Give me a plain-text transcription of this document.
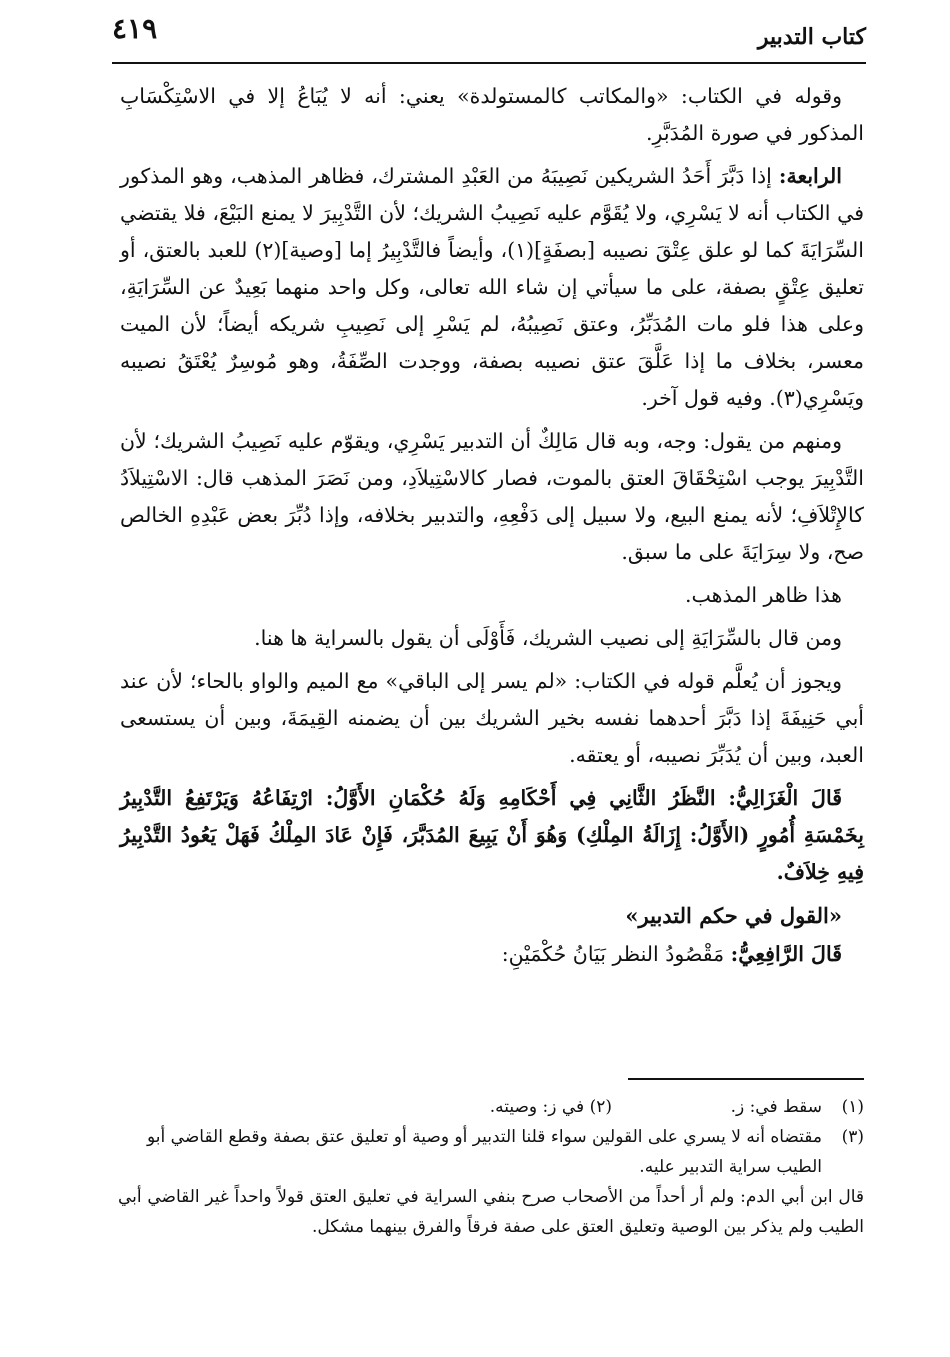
كتاب التدبير
٤١٩

وقوله في الكتاب: «والمكاتب كالمستولدة» يعني: أنه لا يُبَاعُ إلا في الاسْتِكْسَابِ المذكور في صورة المُدَبَّرِ.

الرابعة: إذا دَبَّرَ أَحَدُ الشريكين نَصِيبَهُ من العَبْدِ المشترك، فظاهر المذهب، وهو المذكور في الكتاب أنه لا يَسْرِي، ولا يُقَوَّم عليه نَصِيبُ الشريك؛ لأن التَّدْبِيرَ لا يمنع البَيْعَ، فلا يقتضي السِّرَايَةَ كما لو علق عِتْقَ نصيبه [بصفَةٍ](١)، وأيضاً فالتَّدْبِيرُ إما [وصية](٢) للعبد بالعتق، أو تعليق عِتْقٍ بصفة، على ما سيأتي إن شاء الله تعالى، وكل واحد منهما بَعِيدٌ عن السِّرَايَةِ، وعلى هذا فلو مات المُدَبِّرُ، وعتق نَصِيبُهُ، لم يَسْرِ إلى نَصِيبِ شريكه أيضاً؛ لأن الميت معسر، بخلاف ما إذا عَلَّقَ عتق نصيبه بصفة، ووجدت الصِّفَةُ، وهو مُوسِرٌ يُعْتَقُ نصيبه ويَسْرِي(٣). وفيه قول آخر.

ومنهم من يقول: وجه، وبه قال مَالِكٌ أن التدبير يَسْرِي، ويقوّم عليه نَصِيبُ الشريك؛ لأن التَّدْبِيرَ يوجب اسْتِحْقَاقَ العتق بالموت، فصار كالاسْتِيلاَدِ، ومن نَصَرَ المذهب قال: الاسْتِيلاَدُ كالإِتْلاَفِ؛ لأنه يمنع البيع، ولا سبيل إلى دَفْعِهِ، والتدبير بخلافه، وإذا دُبِّرَ بعض عَبْدِهِ الخالص صح، ولا سِرَايَةَ على ما سبق.

هذا ظاهر المذهب.

ومن قال بالسِّرَايَةِ إلى نصيب الشريك، فَأَوْلَى أن يقول بالسراية ها هنا.

ويجوز أن يُعلَّم قوله في الكتاب: «لم يسر إلى الباقي» مع الميم والواو بالحاء؛ لأن عند أبي حَنِيفَةَ إذا دَبَّرَ أحدهما نفسه بخير الشريك بين أن يضمنه القِيمَةَ، وبين أن يستسعى العبد، وبين أن يُدَبِّرَ نصيبه، أو يعتقه.

قَالَ الْغَزَالِيُّ: النَّظَرُ الثَّانِي فِي أَحْكَامِهِ وَلَهُ حُكْمَانِ الأَوَّلُ: ارْتِفَاعُهُ وَيَرْتَفِعُ التَّدْبِيرُ بِخَمْسَةِ أُمُورٍ (الأَوَّلُ: إِزَالَةُ المِلْكِ) وَهُوَ أَنْ يَبِيعَ المُدَبَّرَ، فَإِنْ عَادَ المِلْكُ فَهَلْ يَعُودُ التَّدْبِيرُ فِيهِ خِلاَفٌ.

«القول في حكم التدبير»

قَالَ الرَّافِعِيُّ: مَقْصُودُ النظر بَيَانُ حُكْمَيْنِ:

(١)
سقط في: ز.
(٢) في ز: وصيته.
(٣)
مقتضاه أنه لا يسري على القولين سواء قلنا التدبير أو وصية أو تعليق عتق بصفة وقطع القاضي أبو الطيب سراية التدبير عليه.
قال ابن أبي الدم: ولم أر أحداً من الأصحاب صرح بنفي السراية في تعليق العتق قولاً واحداً غير القاضي أبي الطيب ولم يذكر بين الوصية وتعليق العتق على صفة فرقاً والفرق بينهما مشكل.
